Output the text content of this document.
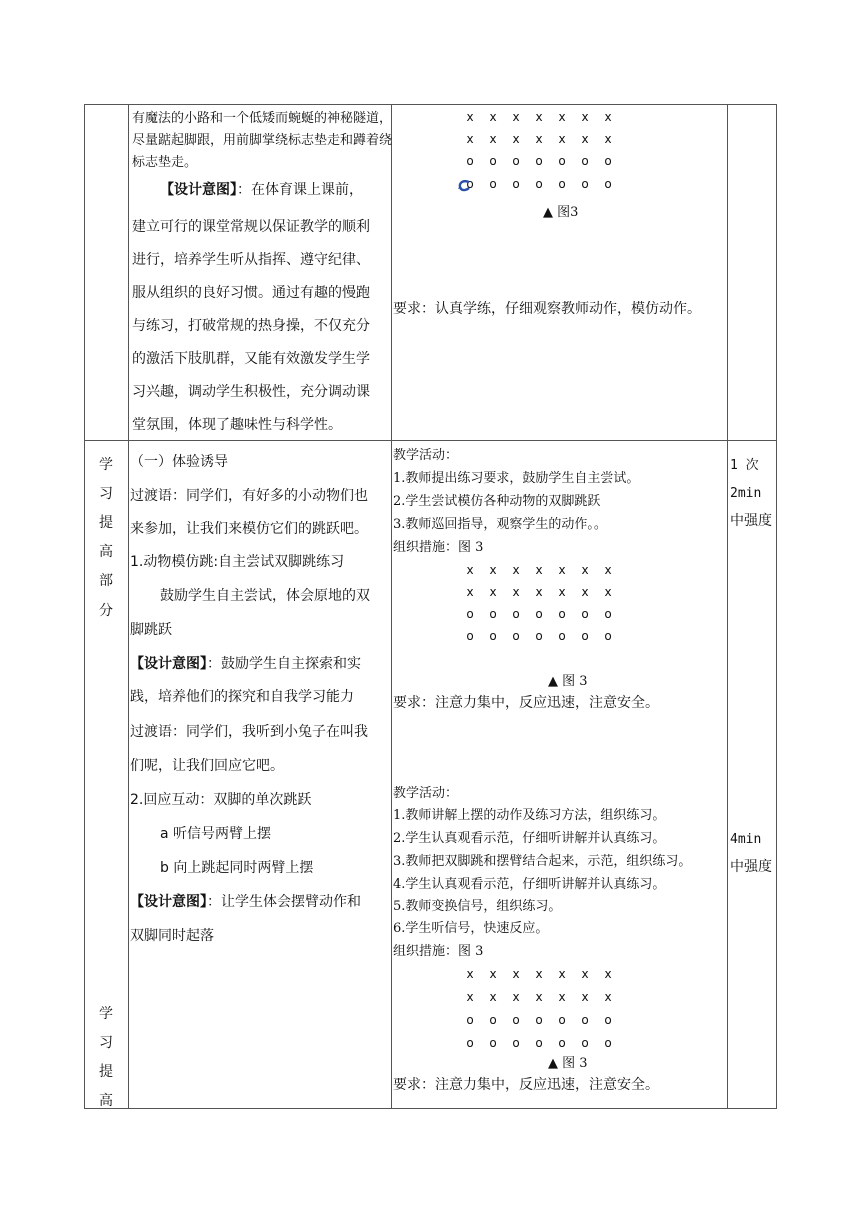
有魔法的小路和一个低矮而蜿蜒的神秘隧道，
尽量踮起脚跟，用前脚掌绕标志垫走和蹲着绕
标志垫走。
【设计意图】：在体育课上课前，
建立可行的课堂常规以保证教学的顺利
进行，培养学生听从指挥、遵守纪律、
服从组织的良好习惯。通过有趣的慢跑
与练习，打破常规的热身操，不仅充分
的激活下肢肌群，又能有效激发学生学
习兴趣，调动学生积极性，充分调动课
堂氛围，体现了趣味性与科学性。
x x x x x x x
x x x x x x x
o o o o o o o
o o o o o o o
▲ 图3
要求：认真学练，仔细观察教师动作，模仿动作。
学
习
提
高
部
分
学
习
提
高
（一）体验诱导
过渡语：同学们，有好多的小动物们也
来参加，让我们来模仿它们的跳跃吧。
1.动物模仿跳:自主尝试双脚跳练习
鼓励学生自主尝试，体会原地的双
脚跳跃
【设计意图】：鼓励学生自主探索和实
践，培养他们的探究和自我学习能力
过渡语：同学们，我听到小兔子在叫我
们呢，让我们回应它吧。
2.回应互动：双脚的单次跳跃
a 听信号两臂上摆
b 向上跳起同时两臂上摆
【设计意图】：让学生体会摆臂动作和
双脚同时起落
教学活动：
1.教师提出练习要求，鼓励学生自主尝试。
2.学生尝试模仿各种动物的双脚跳跃
3.教师巡回指导，观察学生的动作。。
组织措施：图 3
x x x x x x x
x x x x x x x
o o o o o o o
o o o o o o o
▲ 图 3
要求：注意力集中，反应迅速，注意安全。
教学活动：
1.教师讲解上摆的动作及练习方法，组织练习。
2.学生认真观看示范，仔细听讲解并认真练习。
3.教师把双脚跳和摆臂结合起来，示范，组织练习。
4.学生认真观看示范，仔细听讲解并认真练习。
5.教师变换信号，组织练习。
6.学生听信号，快速反应。
组织措施：图 3
x x x x x x x
x x x x x x x
o o o o o o o
o o o o o o o
▲ 图 3
要求：注意力集中，反应迅速，注意安全。
1 次
2min
中强度
4min
中强度
